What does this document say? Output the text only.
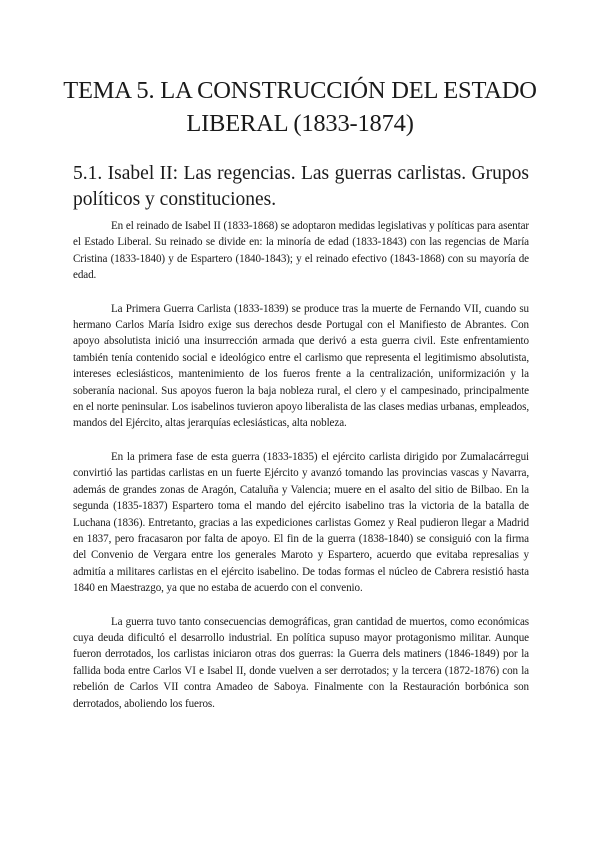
TEMA 5. LA CONSTRUCCIÓN DEL ESTADO LIBERAL (1833-1874)
5.1. Isabel II: Las regencias. Las guerras carlistas. Grupos políticos y constituciones.

En el reinado de Isabel II (1833-1868) se adoptaron medidas legislativas y políticas para asentar el Estado Liberal. Su reinado se divide en: la minoría de edad (1833-1843) con las regencias de María Cristina (1833-1840) y de Espartero (1840-1843); y el reinado efectivo (1843-1868) con su mayoría de edad.

La Primera Guerra Carlista (1833-1839) se produce tras la muerte de Fernando VII, cuando su hermano Carlos María Isidro exige sus derechos desde Portugal con el Manifiesto de Abrantes. Con apoyo absolutista inició una insurrección armada que derivó a esta guerra civil. Este enfrentamiento también tenía contenido social e ideológico entre el carlismo que representa el legitimismo absolutista, intereses eclesiásticos, mantenimiento de los fueros frente a la centralización, uniformización y la soberanía nacional. Sus apoyos fueron la baja nobleza rural, el clero y el campesinado, principalmente en el norte peninsular. Los isabelinos tuvieron apoyo liberalista de las clases medias urbanas, empleados, mandos del Ejército, altas jerarquías eclesiásticas, alta nobleza.

En la primera fase de esta guerra (1833-1835) el ejército carlista dirigido por Zumalacárregui convirtió las partidas carlistas en un fuerte Ejército y avanzó tomando las provincias vascas y Navarra, además de grandes zonas de Aragón, Cataluña y Valencia; muere en el asalto del sitio de Bilbao. En la segunda (1835-1837) Espartero toma el mando del ejército isabelino tras la victoria de la batalla de Luchana (1836). Entretanto, gracias a las expediciones carlistas Gomez y Real pudieron llegar a Madrid en 1837, pero fracasaron por falta de apoyo. El fin de la guerra (1838-1840) se consiguió con la firma del Convenio de Vergara entre los generales Maroto y Espartero, acuerdo que evitaba represalias y admitía a militares carlistas en el ejército isabelino. De todas formas el núcleo de Cabrera resistió hasta 1840 en Maestrazgo, ya que no estaba de acuerdo con el convenio.

La guerra tuvo tanto consecuencias demográficas, gran cantidad de muertos, como económicas cuya deuda dificultó el desarrollo industrial. En política supuso mayor protagonismo militar. Aunque fueron derrotados, los carlistas iniciaron otras dos guerras: la Guerra dels matiners (1846-1849) por la fallida boda entre Carlos VI e Isabel II, donde vuelven a ser derrotados; y la tercera (1872-1876) con la rebelión de Carlos VII contra Amadeo de Saboya. Finalmente con la Restauración borbónica son derrotados, aboliendo los fueros.
